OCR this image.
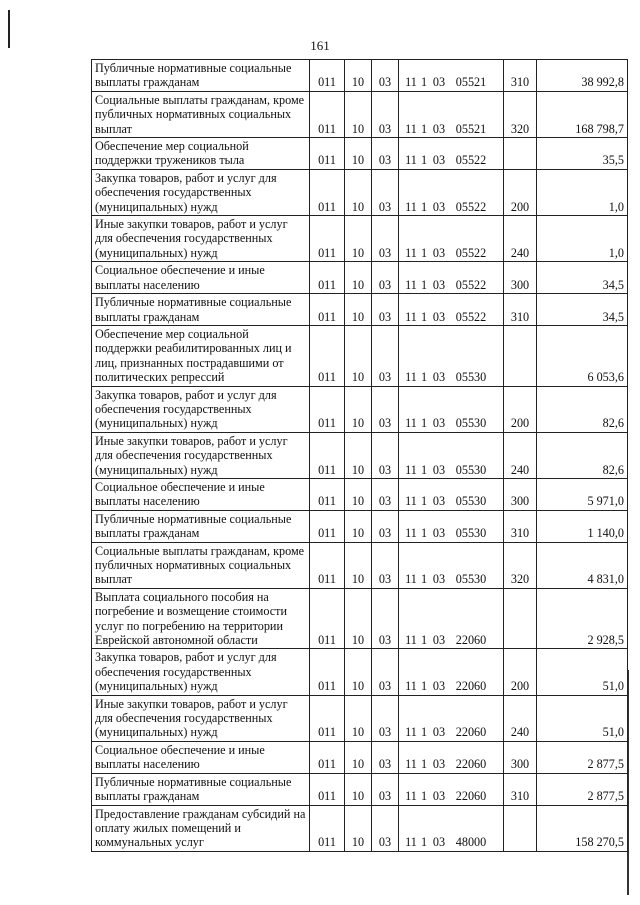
161
Публичные нормативные социальные выплаты гражданам	011	10	03	11 1 03 05521	310	38 992,8
Социальные выплаты гражданам, кроме публичных нормативных социальных выплат	011	10	03	11 1 03 05521	320	168 798,7
Обеспечение мер социальной поддержки тружеников тыла	011	10	03	11 1 03 05522		35,5
Закупка товаров, работ и услуг для обеспечения государственных (муниципальных) нужд	011	10	03	11 1 03 05522	200	1,0
Иные закупки товаров, работ и услуг для обеспечения государственных (муниципальных) нужд	011	10	03	11 1 03 05522	240	1,0
Социальное обеспечение и иные выплаты населению	011	10	03	11 1 03 05522	300	34,5
Публичные нормативные социальные выплаты гражданам	011	10	03	11 1 03 05522	310	34,5
Обеспечение мер социальной поддержки реабилитированных лиц и лиц, признанных пострадавшими от политических репрессий	011	10	03	11 1 03 05530		6 053,6
Закупка товаров, работ и услуг для обеспечения государственных (муниципальных) нужд	011	10	03	11 1 03 05530	200	82,6
Иные закупки товаров, работ и услуг для обеспечения государственных (муниципальных) нужд	011	10	03	11 1 03 05530	240	82,6
Социальное обеспечение и иные выплаты населению	011	10	03	11 1 03 05530	300	5 971,0
Публичные нормативные социальные выплаты гражданам	011	10	03	11 1 03 05530	310	1 140,0
Социальные выплаты гражданам, кроме публичных нормативных социальных выплат	011	10	03	11 1 03 05530	320	4 831,0
Выплата социального пособия на погребение и возмещение стоимости услуг по погребению на территории Еврейской автономной области	011	10	03	11 1 03 22060		2 928,5
Закупка товаров, работ и услуг для обеспечения государственных (муниципальных) нужд	011	10	03	11 1 03 22060	200	51,0
Иные закупки товаров, работ и услуг для обеспечения государственных (муниципальных) нужд	011	10	03	11 1 03 22060	240	51,0
Социальное обеспечение и иные выплаты населению	011	10	03	11 1 03 22060	300	2 877,5
Публичные нормативные социальные выплаты гражданам	011	10	03	11 1 03 22060	310	2 877,5
Предоставление гражданам субсидий на оплату жилых помещений и коммунальных услуг	011	10	03	11 1 03 48000		158 270,5
